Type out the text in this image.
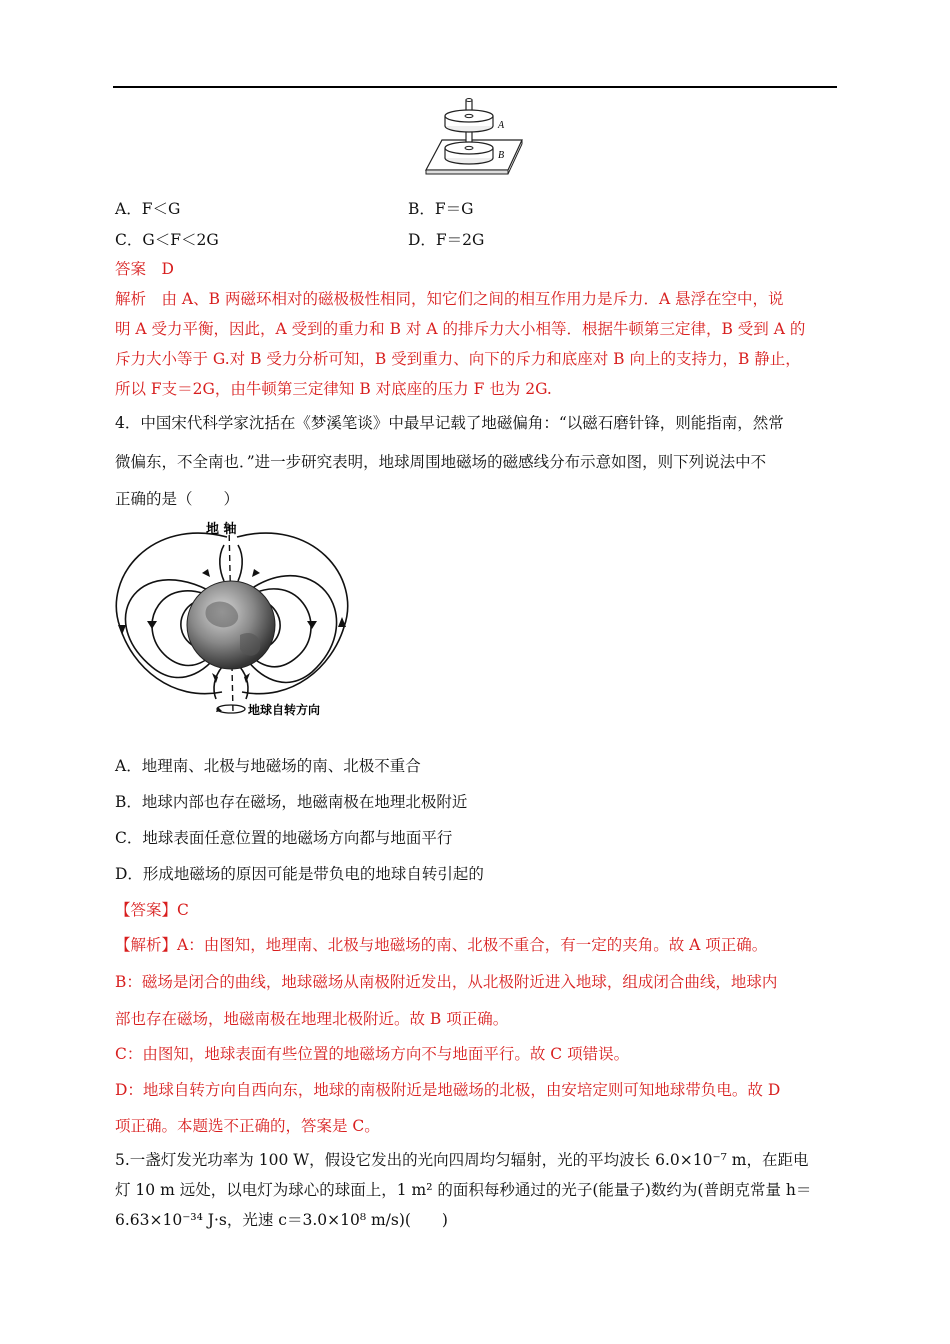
A
B
A．F＜G	B．F＝G
C．G＜F＜2G	D．F＝2G
答案　D
解析　由 A、B 两磁环相对的磁极极性相同，知它们之间的相互作用力是斥力．A 悬浮在空中，说
明 A 受力平衡，因此，A 受到的重力和 B 对 A 的排斥力大小相等．根据牛顿第三定律，B 受到 A 的
斥力大小等于 G.对 B 受力分析可知，B 受到重力、向下的斥力和底座对 B 向上的支持力，B 静止，
所以 F支＝2G，由牛顿第三定律知 B 对底座的压力 F 也为 2G.
4．中国宋代科学家沈括在《梦溪笔谈》中最早记载了地磁偏角：“以磁石磨针锋，则能指南，然常
微偏东，不全南也．”进一步研究表明，地球周围地磁场的磁感线分布示意如图，则下列说法中不
正确的是（　　）
地 轴
地球自转方向
A．地理南、北极与地磁场的南、北极不重合
B．地球内部也存在磁场，地磁南极在地理北极附近
C．地球表面任意位置的地磁场方向都与地面平行
D．形成地磁场的原因可能是带负电的地球自转引起的
【答案】C
【解析】A：由图知，地理南、北极与地磁场的南、北极不重合，有一定的夹角。故 A 项正确。
B：磁场是闭合的曲线，地球磁场从南极附近发出，从北极附近进入地球，组成闭合曲线，地球内
部也存在磁场，地磁南极在地理北极附近。故 B 项正确。
C：由图知，地球表面有些位置的地磁场方向不与地面平行。故 C 项错误。
D：地球自转方向自西向东，地球的南极附近是地磁场的北极，由安培定则可知地球带负电。故 D
项正确。本题选不正确的，答案是 C。
5.一盏灯发光功率为 100 W，假设它发出的光向四周均匀辐射，光的平均波长 6.0×10⁻⁷ m，在距电
灯 10 m 远处，以电灯为球心的球面上，1 m² 的面积每秒通过的光子(能量子)数约为(普朗克常量 h＝
6.63×10⁻³⁴ J·s，光速 c＝3.0×10⁸ m/s)(　　)
